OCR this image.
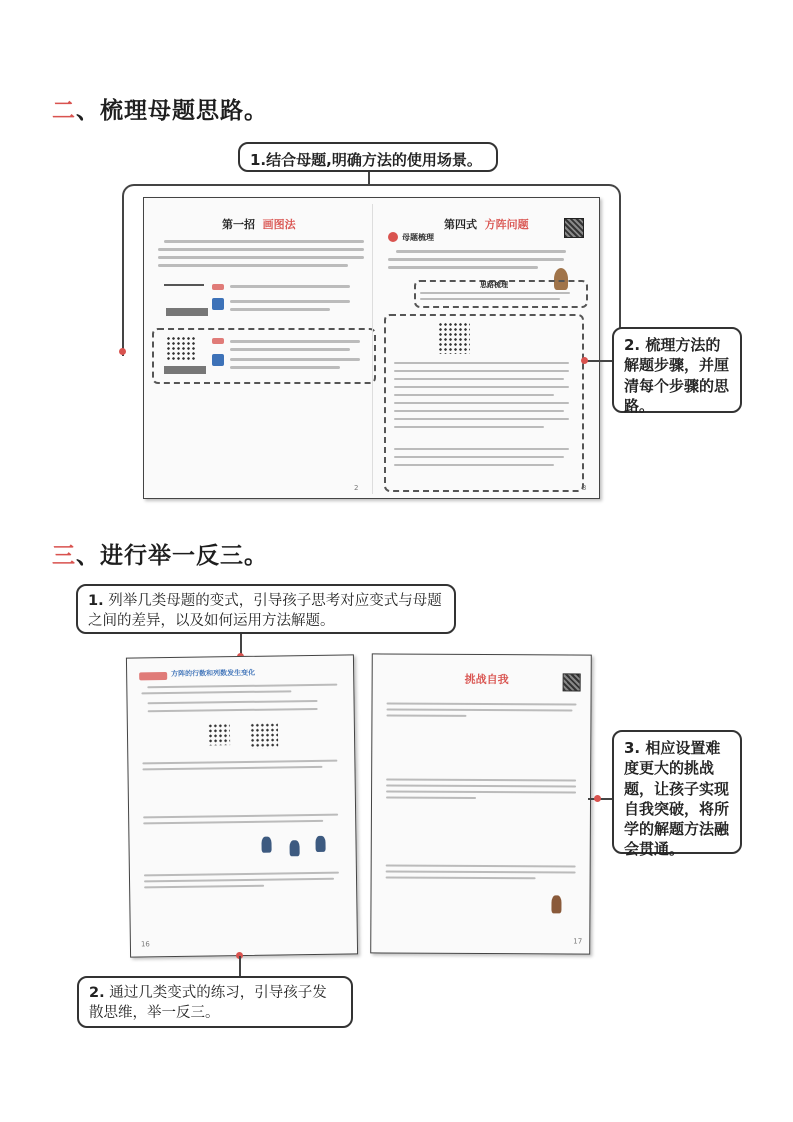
二、梳理母题思路。
1.结合母题,明确方法的使用场景。
第一招 画图法
2
第四式 方阵问题
母题梳理
思路梳理
3
2. 梳理方法的解题步骤，并厘清每个步骤的思路。
三、进行举一反三。
1. 列举几类母题的变式，引导孩子思考对应变式与母题之间的差异，以及如何运用方法解题。
方阵的行数和列数发生变化
16
挑战自我
17
3. 相应设置难度更大的挑战题，让孩子实现自我突破，将所学的解题方法融会贯通。
2. 通过几类变式的练习，引导孩子发散思维，举一反三。
